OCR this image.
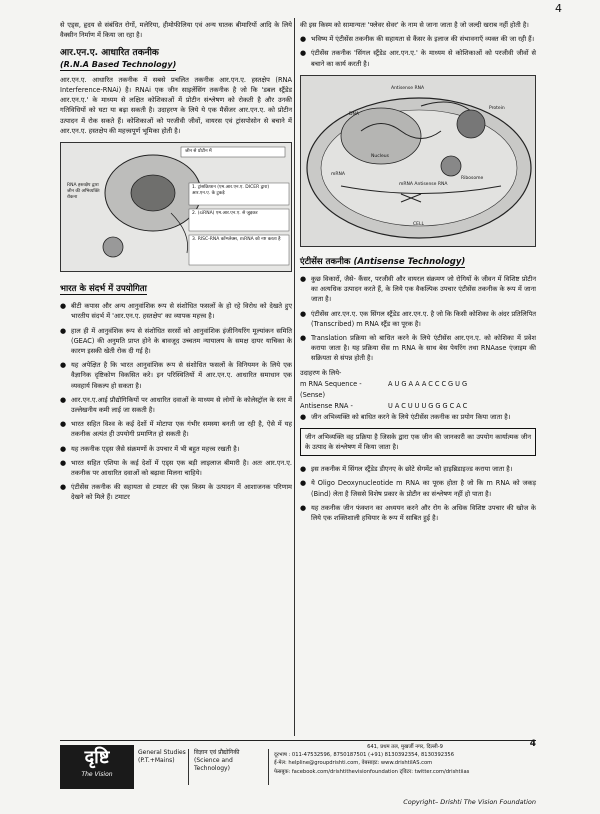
4

से एड्स, हृदय से संबंधित रोगों, मलेरिया, हीमोफीलिया एवं अन्य घातक बीमारियों आदि के लिये वैक्सीन निर्माण में किया जा रहा है।

आर.एन.ए. आधारित तकनीक
(R.N.A Based Technology)

आर.एन.ए. आधारित तकनीक में सबसे प्रचलित तकनीक आर.एन.ए. हस्तक्षेप (RNA Interference-RNAi) है। RNAi एक जीन साइलेंसिंग तकनीक है जो कि 'डबल स्ट्रैंडेड आर.एन.ए.' के माध्यम से लक्षित कोशिकाओं में प्रोटीन संश्लेषण को रोकती है और उनकी गतिविधियों को घटा या बढ़ा सकती है। उदाहरण के लिये ये एक मैसेंजर आर.एन.ए. को प्रोटीन उत्पादन में रोक सकते हैं। कोशिकाओं को परजीवी जीवों, वायरस एवं ट्रांसपोसोन से बचाने में आर.एन.ए. हस्तक्षेप की महत्त्वपूर्ण भूमिका होती है।

जीन से प्रोटीन में
RNA हस्तक्षेप द्वारा जीन की अभिव्यक्ति रोकना
1. ट्रांसक्रिप्शन (एम.आर.एन.ए. DICER द्वारा) आर.एन.ए. के टुकड़े
2. (siRNA) एम.आर.एन.ए. से जुड़कर
3. RISC-RNA कॉम्प्लेक्स, mRNA को नष्ट करता है
भारत के संदर्भ में उपयोगिता
● बीटी कपास और अन्य आनुवांशिक रूप से संशोधित फसलों के हो रहे विरोध को देखते हुए भारतीय संदर्भ में 'आर.एन.ए. हस्तक्षेप' का व्यापक महत्त्व है।
● हाल ही में आनुवंशिक रूप से संशोधित सरसों को आनुवांशिक इंजीनियरिंग मूल्यांकन समिति (GEAC) की अनुमति प्राप्त होने के बावजूद उच्चतम न्यायालय के समक्ष दायर याचिका के कारण इसकी खेती रोक दी गई है।
● यह अपेक्षित है कि भारत आनुवांशिक रूप से संशोधित फसलों के विनियमन के लिये एक वैज्ञानिक दृष्टिकोण विकसित करे। इन परिस्थितियों में आर.एन.ए. आधारित समाधान एक व्यवहार्य विकल्प हो सकता है।
● आर.एन.ए.आई प्रौद्योगिकियों पर आधारित दवाओं के माध्यम से लोगों के कोलेस्ट्रॉल के स्तर में उल्लेखनीय कमी लाई जा सकती है।
● भारत सहित विश्व के कई देशों में मोटापा एक गंभीर समस्या बनती जा रही है, ऐसे में यह तकनीक अत्यंत ही उपयोगी प्रमाणित हो सकती है।
● यह तकनीक एड्स जैसे संक्रमणों के उपचार में भी बहुत महत्त्व रखती है।
● भारत सहित एशिया के कई देशों में एड्स एक बड़ी लाइलाज बीमारी है। अतः आर.एन.ए. तकनीक पर आधारित दवाओं को बढ़ावा मिलना चाहिये।
● एंटीसेंस तकनीक की सहायता से टमाटर की एक किस्म के उत्पादन में आशाजनक परिणाम देखने को मिले हैं। टमाटर

की इस किस्म को सामान्यतः 'फ्लेवर सेवर' के नाम से जाना जाता है जो जल्दी खराब नहीं होती है।

● भविष्य में एंटीसेंस तकनीक की सहायता से कैंसर के इलाज की संभावनाएँ व्यक्त की जा रही हैं।
● एंटीसेंस तकनीक 'सिंगल स्ट्रैंडेड आर.एन.ए.' के माध्यम से कोशिकाओं को परजीवी जीवों से बचाने का कार्य करती है।
Antisense RNA
DNA
Protein
Nucleus
Ribosome
mRNA
mRNA Antisense RNA
CELL
एंटीसेंस तकनीक (Antisense Technology)
● कुछ विकारों, जैसे- कैंसर, परजीवी और वायरल संक्रमण जो रोगियों के जीवन में विशिष्ट प्रोटीन का अत्यधिक उत्पादन करते हैं, के लिये एक वैकल्पिक उपचार एंटीसेंस तकनीक के रूप में जाना जाता है।
● एंटीसेंस आर.एन.ए. एक सिंगल स्ट्रैंडेड आर.एन.ए. है जो कि किसी कोशिका के अंदर प्रतिलिपित (Transcribed) m RNA स्ट्रैंड का पूरक है।
● Translation प्रक्रिया को बाधित करने के लिये एंटीसेंस आर.एन.ए. को कोशिका में प्रवेश कराया जाता है। यह प्रक्रिया सेंस m RNA के साथ बेस पेयरिंग तथा RNAase एंजाइम की सक्रियता से संपन्न होती है।
उदाहरण के लिये-
m RNA Sequence -	AUGAAACCCGUG
(Sense)
Antisense RNA -	UACUUUGGGCAC
● जीन अभिव्यक्ति को बाधित करने के लिये एंटीसेंस तकनीक का प्रयोग किया जाता है।
जीन अभिव्यक्ति वह प्रक्रिया है जिसके द्वारा एक जीन की जानकारी का उपयोग कार्यात्मक जीन के उत्पाद के संश्लेषण में किया जाता है।
● इस तकनीक में सिंगल स्ट्रैंडेड डीएनए के छोटे सेगमेंट को हाइब्रिडाइज्ड कराया जाता है।
● ये Oligo Deoxynucleotide m RNA का पूरक होता है जो कि m RNA को जकड़ (Bind) लेता है जिससे विशेष प्रकार के प्रोटीन का संश्लेषण नहीं हो पाता है।
● यह तकनीक जीन फंक्शन का अध्ययन करने और रोग के अधिक विशिष्ट उपचार की खोज के लिये एक शक्तिशाली हथियार के रूप में साबित हुई है।
दृष्टि
The Vision
General Studies
(P.T.+Mains)
विज्ञान एवं प्रौद्योगिकी
(Science and Technology)
641, प्रथम तल, मुखर्जी नगर, दिल्ली-9
दूरभाष : 011-47532596, 8750187501 (+91) 8130392354, 8130392356
ई-मेल: helpline@groupdrishti.com, वेबसाइट: www.drishtiIAS.com
फेसबुक: facebook.com/drishtithevisionfoundation ट्विटर: twitter.com/drishtiias
4
Copyright– Drishti The Vision Foundation
